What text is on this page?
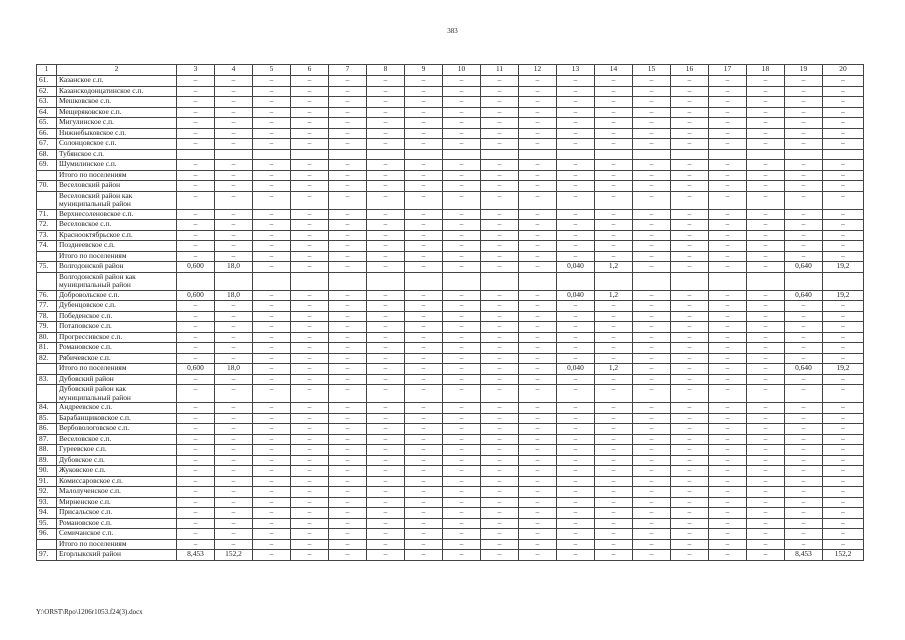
383
1	2	3	4	5	6	7	8	9	10	11	12	13	14	15	16	17	18	19	20
61.	Казанское с.п.	–	–	–	–	–	–	–	–	–	–	–	–	–	–	–	–	–	–
62.	Казанскодонцатинское с.п.	–	–	–	–	–	–	–	–	–	–	–	–	–	–	–	–	–	–
63.	Мешковское с.п.	–	–	–	–	–	–	–	–	–	–	–	–	–	–	–	–	–	–
64.	Мещеряковское с.п.	–	–	–	–	–	–	–	–	–	–	–	–	–	–	–	–	–	–
65.	Мигулинское с.п.	–	–	–	–	–	–	–	–	–	–	–	–	–	–	–	–	–	–
66.	Нижнебыковское с.п.	–	–	–	–	–	–	–	–	–	–	–	–	–	–	–	–	–	–
67.	Солонцовское с.п.	–	–	–	–	–	–	–	–	–	–	–	–	–	–	–	–	–	–
68.	Тубянское с.п.																		
69.	Шумилинское с.п.	–	–	–	–	–	–	–	–	–	–	–	–	–	–	–	–	–	–
	Итого по поселениям	–	–	–	–	–	–	–	–	–	–	–	–	–	–	–	–	–	–
70.	Веселовский район	–	–	–	–	–	–	–	–	–	–	–	–	–	–	–	–	–	–
	Веселовский район как муниципальный район	–	–	–	–	–	–	–	–	–	–	–	–	–	–	–	–	–	–
71.	Верхнесоленовское с.п.	–	–	–	–	–	–	–	–	–	–	–	–	–	–	–	–	–	–
72.	Веселовское с.п.	–	–	–	–	–	–	–	–	–	–	–	–	–	–	–	–	–	–
73.	Краснооктябрьское с.п.	–	–	–	–	–	–	–	–	–	–	–	–	–	–	–	–	–	–
74.	Позднеевское с.п.	–	–	–	–	–	–	–	–	–	–	–	–	–	–	–	–	–	–
	Итого по поселениям	–	–	–	–	–	–	–	–	–	–	–	–	–	–	–	–	–	–
75.	Волгодонской район	0,600	18,0	–	–	–	–	–	–	–	–	0,040	1,2	–	–	–	–	0,640	19,2
	Волгодонской район как муниципальный район																		
76.	Добровольское с.п.	0,600	18,0	–	–	–	–	–	–	–	–	0,040	1,2	–	–	–	–	0,640	19,2
77.	Дубенцовское с.п.	–	–	–	–	–	–	–	–	–	–	–	–	–	–	–	–	–	–
78.	Победенское с.п.	–	–	–	–	–	–	–	–	–	–	–	–	–	–	–	–	–	–
79.	Потаповское с.п.	–	–	–	–	–	–	–	–	–	–	–	–	–	–	–	–	–	–
80.	Прогрессивское с.п.	–	–	–	–	–	–	–	–	–	–	–	–	–	–	–	–	–	–
81.	Романовское с.п.	–	–	–	–	–	–	–	–	–	–	–	–	–	–	–	–	–	–
82.	Рябичевское с.п.	–	–	–	–	–	–	–	–	–	–	–	–	–	–	–	–	–	–
	Итого по поселениям	0,600	18,0	–	–	–	–	–	–	–	–	0,040	1,2	–	–	–	–	0,640	19,2
83.	Дубовский район	–	–	–	–	–	–	–	–	–	–	–	–	–	–	–	–	–	–
	Дубовский район как муниципальный район	–	–	–	–	–	–	–	–	–	–	–	–	–	–	–	–	–	–
84.	Андреевское с.п.	–	–	–	–	–	–	–	–	–	–	–	–	–	–	–	–	–	–
85.	Барабанщиковское с.п.	–	–	–	–	–	–	–	–	–	–	–	–	–	–	–	–	–	–
86.	Вербовологовское с.п.	–	–	–	–	–	–	–	–	–	–	–	–	–	–	–	–	–	–
87.	Веселовское с.п.	–	–	–	–	–	–	–	–	–	–	–	–	–	–	–	–	–	–
88.	Гуреевское с.п.	–	–	–	–	–	–	–	–	–	–	–	–	–	–	–	–	–	–
89.	Дубовское с.п.	–	–	–	–	–	–	–	–	–	–	–	–	–	–	–	–	–	–
90.	Жуковское с.п.	–	–	–	–	–	–	–	–	–	–	–	–	–	–	–	–	–	–
91.	Комиссаровское с.п.	–	–	–	–	–	–	–	–	–	–	–	–	–	–	–	–	–	–
92.	Малолученское с.п.	–	–	–	–	–	–	–	–	–	–	–	–	–	–	–	–	–	–
93.	Мирненское с.п.	–	–	–	–	–	–	–	–	–	–	–	–	–	–	–	–	–	–
94.	Присальское с.п.	–	–	–	–	–	–	–	–	–	–	–	–	–	–	–	–	–	–
95.	Романовское с.п.	–	–	–	–	–	–	–	–	–	–	–	–	–	–	–	–	–	–
96.	Семичанское с.п.	–	–	–	–	–	–	–	–	–	–	–	–	–	–	–	–	–	–
	Итого по поселениям	–	–	–	–	–	–	–	–	–	–	–	–	–	–	–	–	–	–
97.	Егорлыкский район	8,453	152,2	–	–	–	–	–	–	–	–	–	–	–	–	–	–	8,453	152,2
Y:\ORST\Rpo\1206r1053.f24(3).docx
